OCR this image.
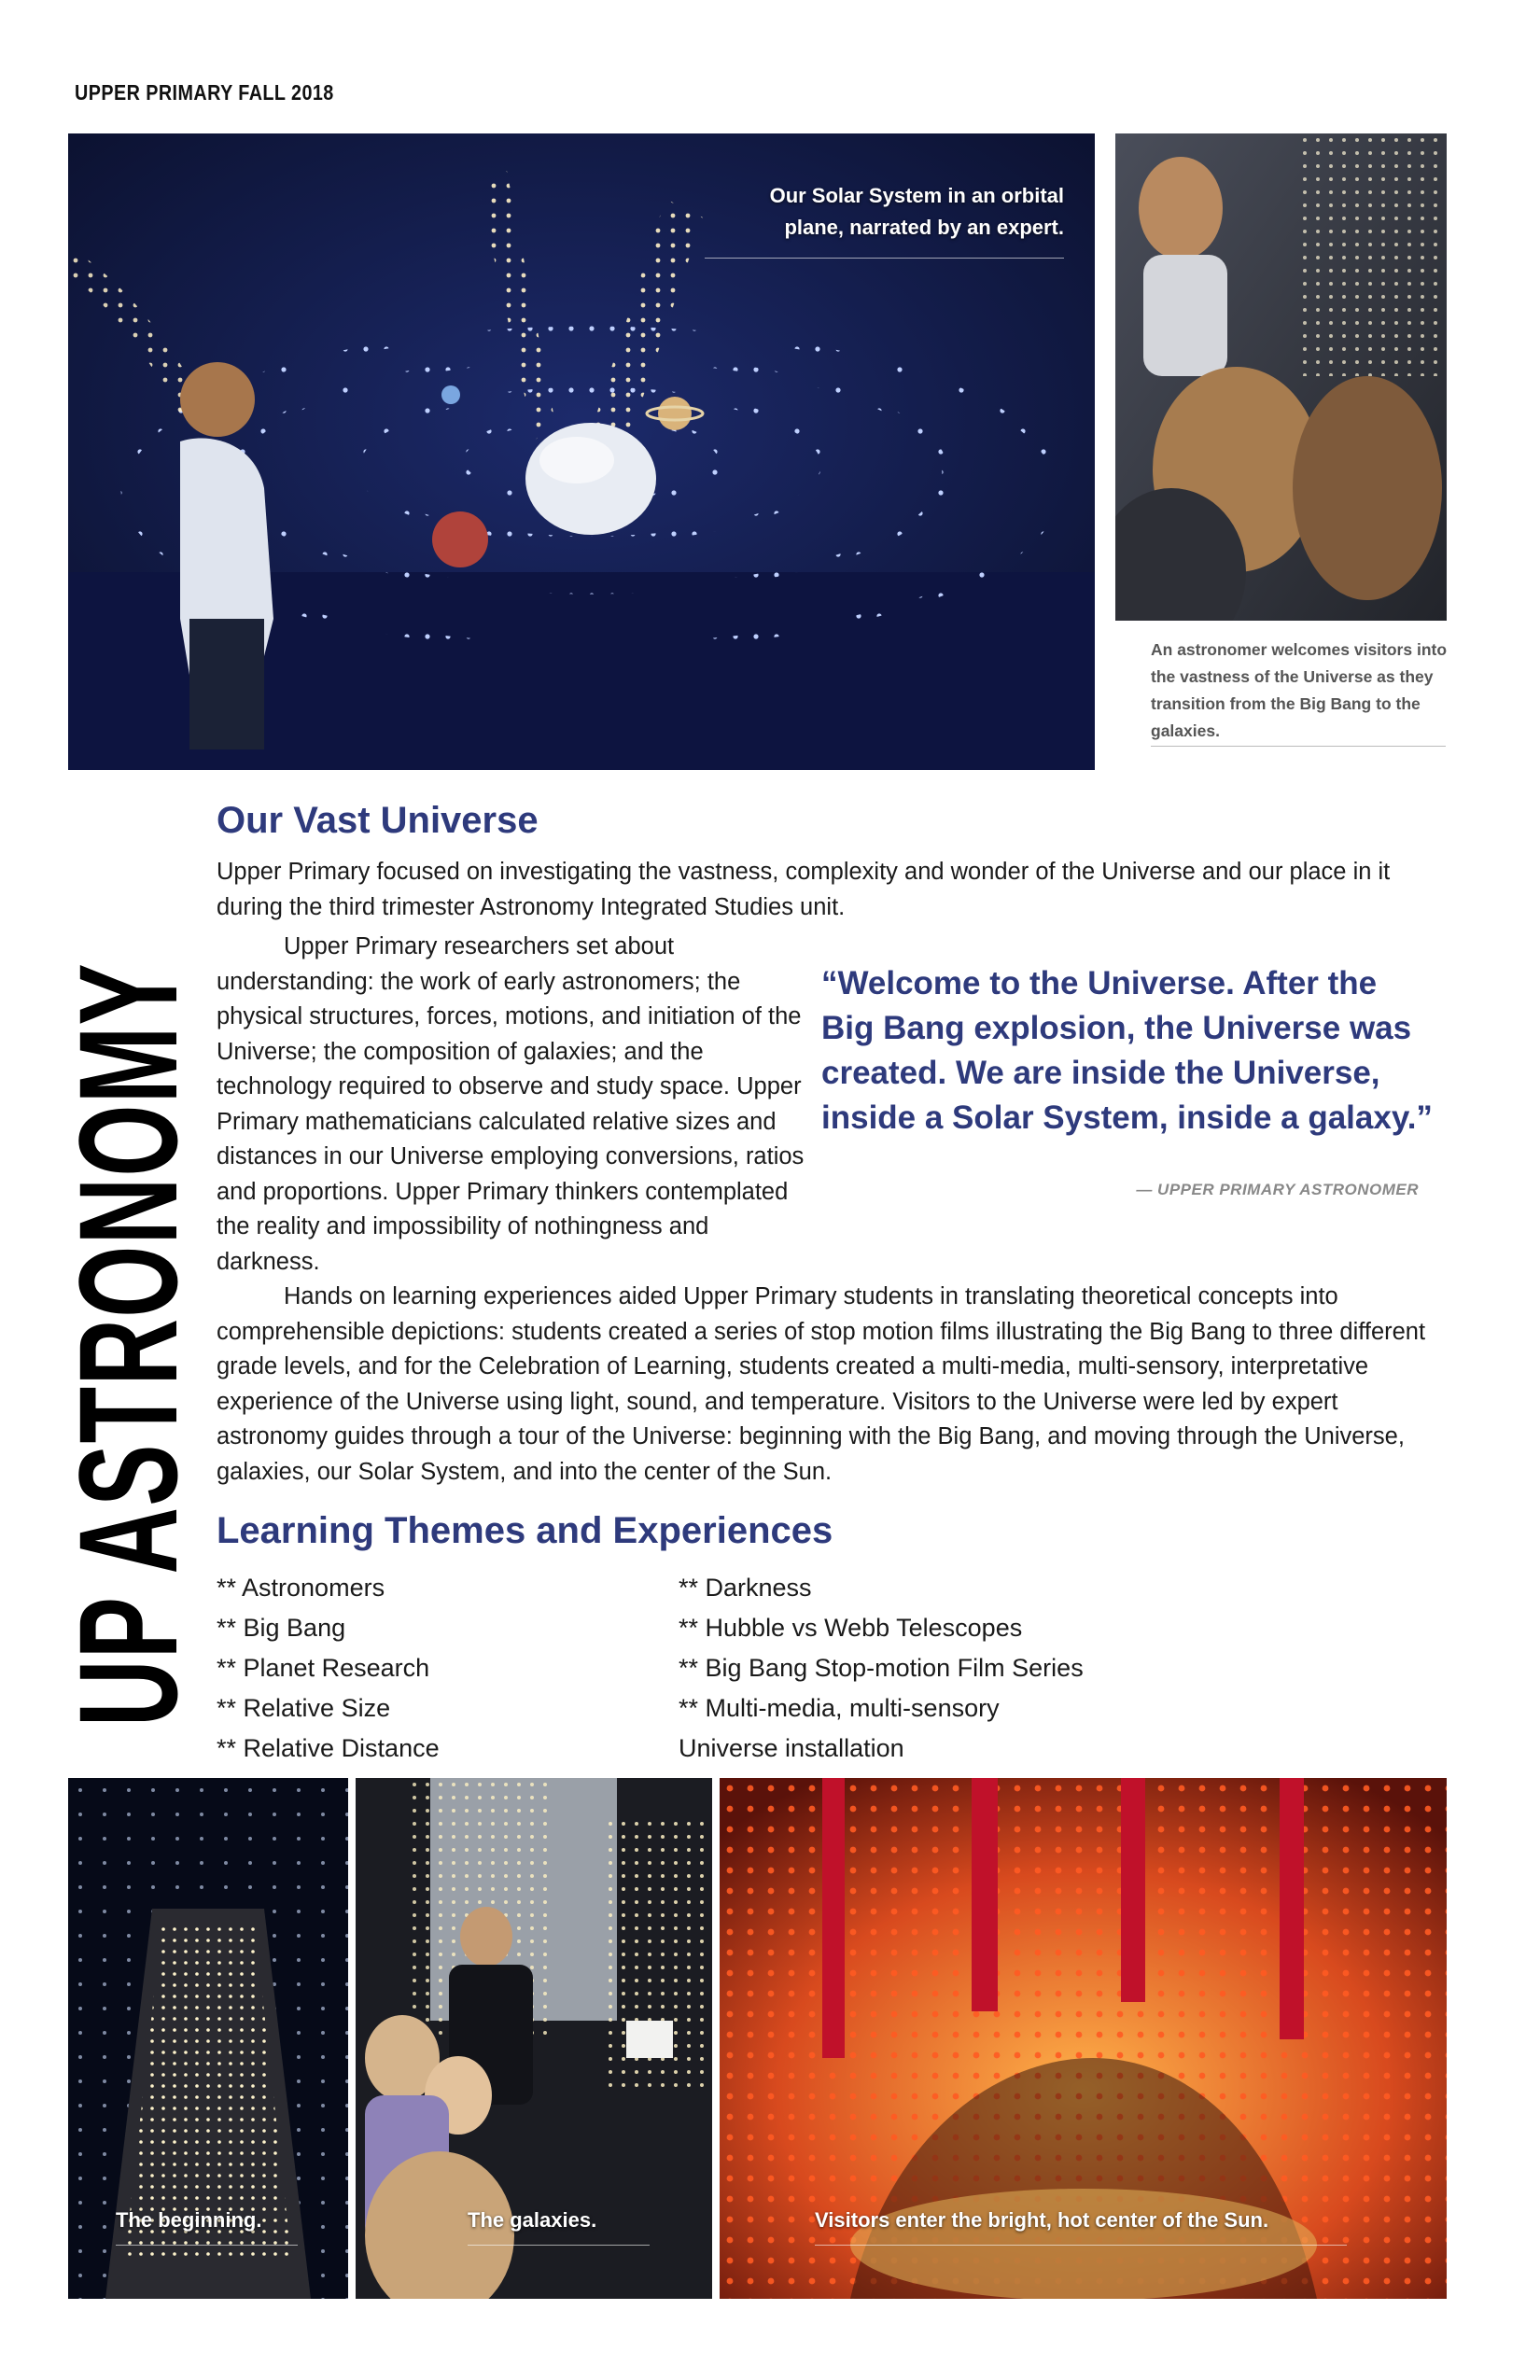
UPPER PRIMARY FALL 2018
Our Solar System in an orbital
plane, narrated by an expert.
An astronomer welcomes visitors into the vastness of the Universe as they transition from the Big Bang to the galaxies.
UP ASTRONOMY
Our Vast Universe

Upper Primary focused on investigating the vastness, complexity and wonder of the Universe and our place in it during the third trimester Astronomy Integrated Studies unit.

Upper Primary researchers set about understanding: the work of early astronomers; the physical structures, forces, motions, and initiation of the Universe; the composition of galaxies; and the technology required to observe and study space. Upper Primary mathematicians calculated relative sizes and distances in our Universe employing conversions, ratios and proportions. Upper Primary thinkers contemplated the reality and impossibility of nothingness and darkness.

“Welcome to the Universe. After the Big Bang explosion, the Universe was created. We are inside the Universe, inside a Solar System, inside a galaxy.”
— UPPER PRIMARY ASTRONOMER

Hands on learning experiences aided Upper Primary students in translating theoretical concepts into comprehensible depictions: students created a series of stop motion films illustrating the Big Bang to three different grade levels, and for the Celebration of Learning, students created a multi-media, multi-sensory, interpretative experience of the Universe using light, sound, and temperature. Visitors to the Universe were led by expert astronomy guides through a tour of the Universe: beginning with the Big Bang, and moving through the Universe, galaxies, our Solar System, and into the center of the Sun.

Learning Themes and Experiences
** Astronomers
** Big Bang
** Planet Research
** Relative Size
** Relative Distance
** Darkness
** Hubble vs Webb Telescopes
** Big Bang Stop-motion Film Series
** Multi-media, multi-sensory
Universe installation
The beginning.	The galaxies.	Visitors enter the bright, hot center of the Sun.
